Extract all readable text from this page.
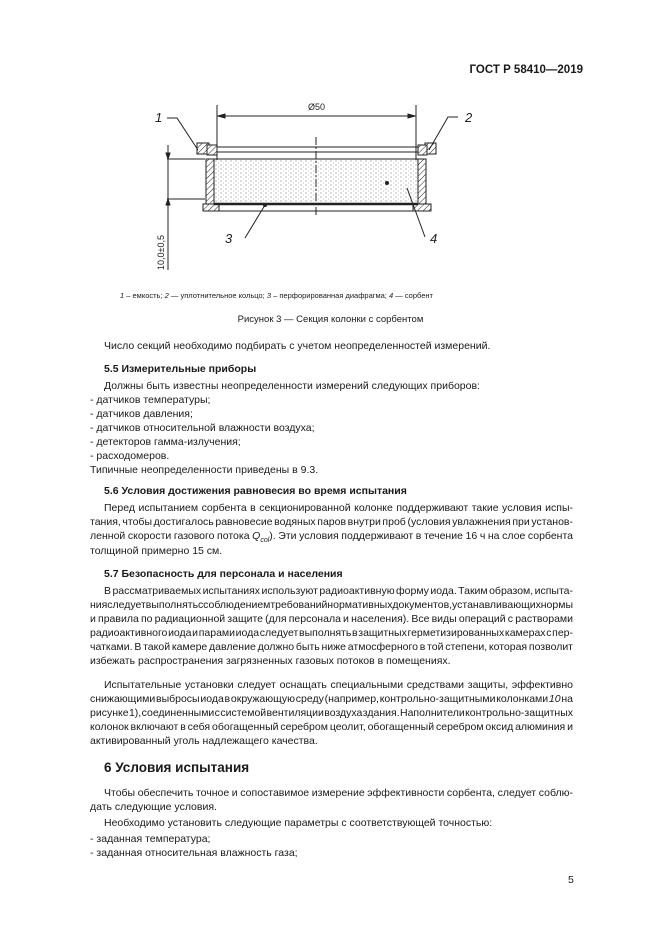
ГОСТ Р 58410—2019
1	2
3	4
Ø50
10,0±0,5
1 – емкость; 2 — уплотнительное кольцо; 3 – перфорированная диафрагма; 4 — сорбент
Рисунок 3 — Секция колонки с сорбентом
Число секций необходимо подбирать с учетом неопределенностей измерений.
5.5 Измерительные приборы
Должны быть известны неопределенности измерений следующих приборов:
- датчиков температуры;
- датчиков давления;
- датчиков относительной влажности воздуха;
- детекторов гамма-излучения;
- расходомеров.
Типичные неопределенности приведены в 9.3.
5.6 Условия достижения равновесия во время испытания
Перед испытанием сорбента в секционированной колонке поддерживают такие условия испы-
тания, чтобы достигалось равновесие водяных паров внутри проб (условия увлажнения при установ-
ленной скорости газового потока $Q_{col}$). Эти условия поддерживают в течение 16 ч на слое сорбента
толщиной примерно 15 см.
5.7 Безопасность для персонала и населения
В рассматриваемых испытаниях используют радиоактивную форму иода. Таким образом, испыта-
ния следует выполнять с соблюдением требований нормативных документов, устанавливающих нормы
и правила по радиационной защите (для персонала и населения). Все виды операций с растворами
радиоактивного иода и парами иода следует выполнять в защитных герметизированных камерах с пер-
чатками. В такой камере давление должно быть ниже атмосферного в той степени, которая позволит
избежать распространения загрязненных газовых потоков в помещениях.
Испытательные установки следует оснащать специальными средствами защиты, эффективно
снижающими выбросы иода в окружающую среду (например, контрольно-защитными колонками 10 на
рисунке 1), соединенными с системой вентиляции воздуха здания. Наполнители контрольно-защитных
колонок включают в себя обогащенный серебром цеолит, обогащенный серебром оксид алюминия и
активированный уголь надлежащего качества.
6 Условия испытания
Чтобы обеспечить точное и сопоставимое измерение эффективности сорбента, следует соблю-
дать следующие условия.
Необходимо установить следующие параметры с соответствующей точностью:
- заданная температура;
- заданная относительная влажность газа;
5
